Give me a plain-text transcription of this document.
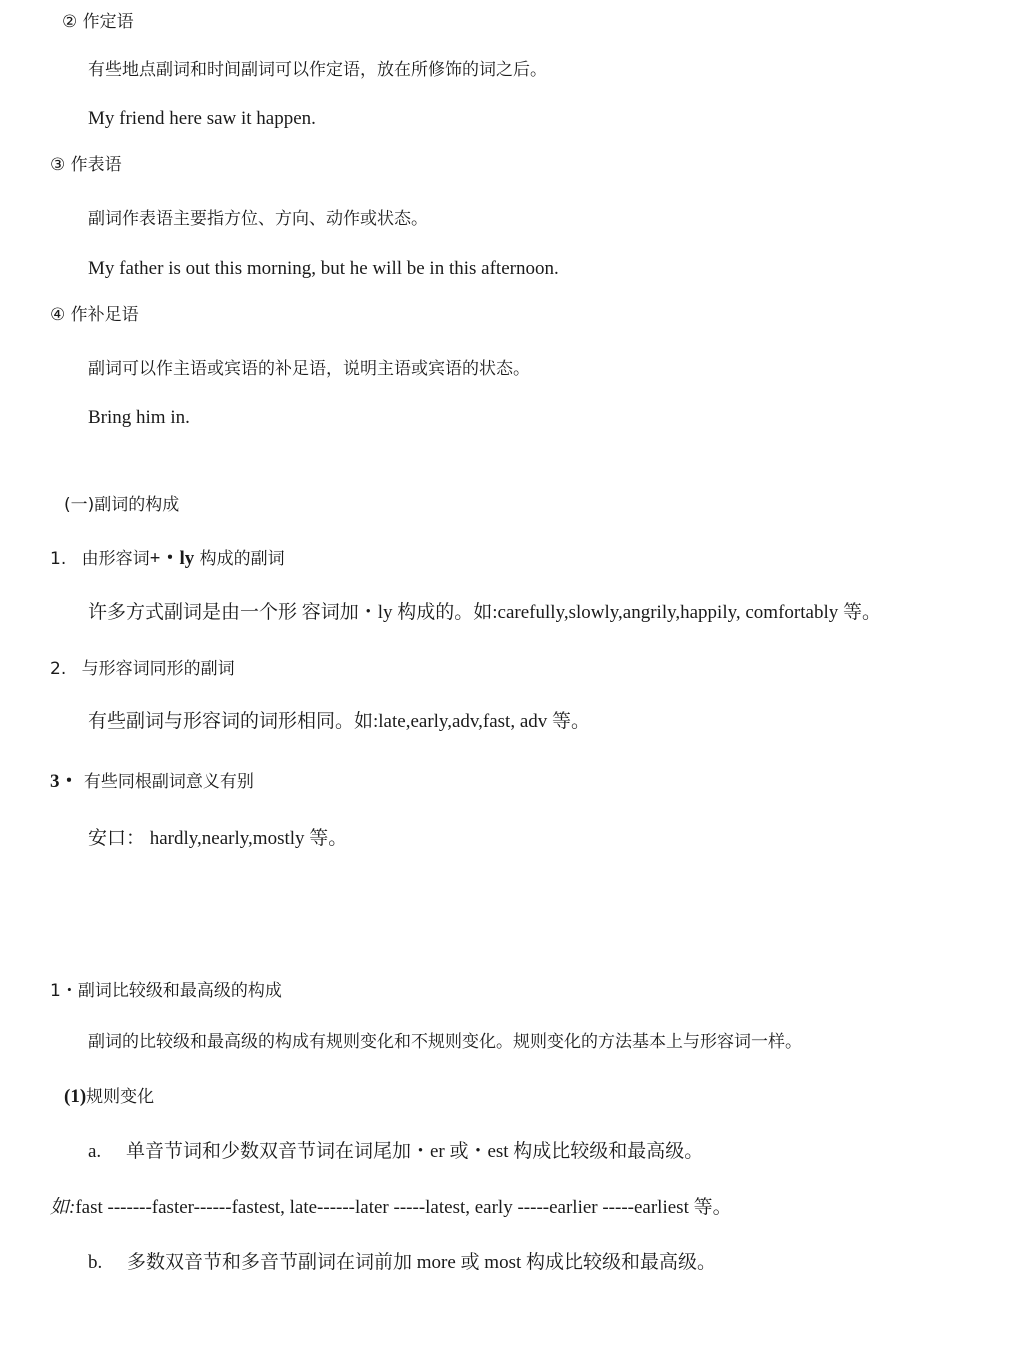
② 作定语
有些地点副词和时间副词可以作定语，放在所修饰的词之后。
My friend here saw it happen.
③ 作表语
副词作表语主要指方位、方向、动作或状态。
My father is out this morning, but he will be in this afternoon.
④ 作补足语
副词可以作主语或宾语的补足语，说明主语或宾语的状态。
Bring him in.
(一)副词的构成
1. 由形容词+・ly 构成的副词
许多方式副词是由一个形 容词加・ly 构成的。如:carefully,slowly,angrily,happily, comfortably 等。
2. 与形容词同形的副词
有些副词与形容词的词形相同。如:late,early,adv,fast, adv 等。
3・ 有些同根副词意义有别
安口： hardly,nearly,mostly 等。
1・副词比较级和最高级的构成
副词的比较级和最高级的构成有规则变化和不规则变化。规则变化的方法基本上与形容词一样。
(1)规则变化
a. 单音节词和少数双音节词在词尾加・er 或・est 构成比较级和最高级。
如:fast -------faster------fastest, late------later -----latest, early -----earlier -----earliest 等。
b. 多数双音节和多音节副词在词前加 more 或 most 构成比较级和最高级。
